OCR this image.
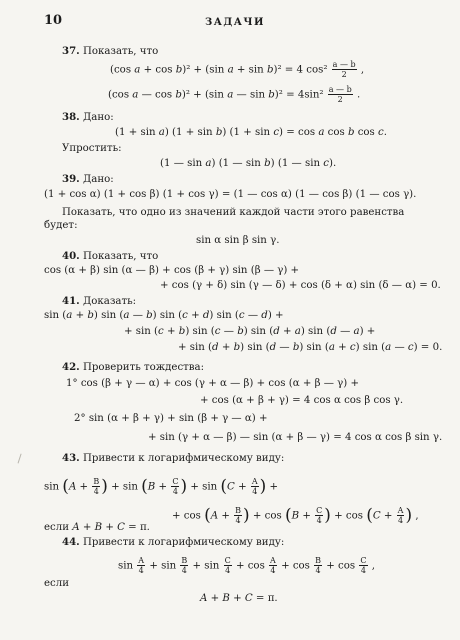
10	ЗАДАЧИ
37. Показать, что
(cos a + cos b)² + (sin a + sin b)² = 4 $\cos^2 \frac{a — b}{2}$ ,
(cos a — cos b)² + (sin a — $\sin b)^2 = 4\sin^2 \frac{a — b}{2}$ .
38. Дано:
(1 + sin a) (1 + sin b) (1 + sin c) = cos a cos b cos c.
Упростить:
(1 — sin a) (1 — sin b) (1 — sin c).
39. Дано:
(1 + cos α) (1 + cos β) (1 + cos γ) = (1 — cos α) (1 — cos β) (1 — cos γ).
Показать, что одно из значений каждой части этого равенства
будет:
sin α sin β sin γ.
40. Показать, что
cos (α + β) sin (α — β) + cos (β + γ) sin (β — γ) +
+ cos (γ + δ) sin (γ — δ) + cos (δ + α) sin (δ — α) = 0.
41. Доказать:
sin (a + b) sin (a — b) sin (c + d) sin (c — d) +
+ sin (c + b) sin (c — b) sin (d + a) sin (d — a) +
+ sin (d + b) sin (d — b) sin (a + c) sin (a — c) = 0.
42. Проверить тождества:
1° cos (β + γ — α) + cos (γ + α — β) + cos (α + β — γ) +
+ cos (α + β + γ) = 4 cos α cos β cos γ.
2° sin (α + β + γ) + sin (β + γ — α) +
+ sin (γ + α — β) — sin (α + β — γ) = 4 cos α cos β sin γ.
43. Привести к логарифмическому виду:
$\sin (A + \frac{B}{4}$ ) + $\sin (B + \frac{C}{4}$ ) + $\sin (C + \frac{A}{4}$ ) +
+ $\cos (A + \frac{B}{4}$ ) + $\cos (B + \frac{C}{4}$ ) + $\cos (C + \frac{A}{4}$ ) ,
если A + B + C = π.
44. Привести к логарифмическому виду:
$\sin \frac{A}{4} + \sin \frac{B}{4} + \sin \frac{C}{4} + \cos \frac{A}{4} + \cos \frac{B}{4} + \cos \frac{C}{4}$ ,
если
A + B + C = π.
